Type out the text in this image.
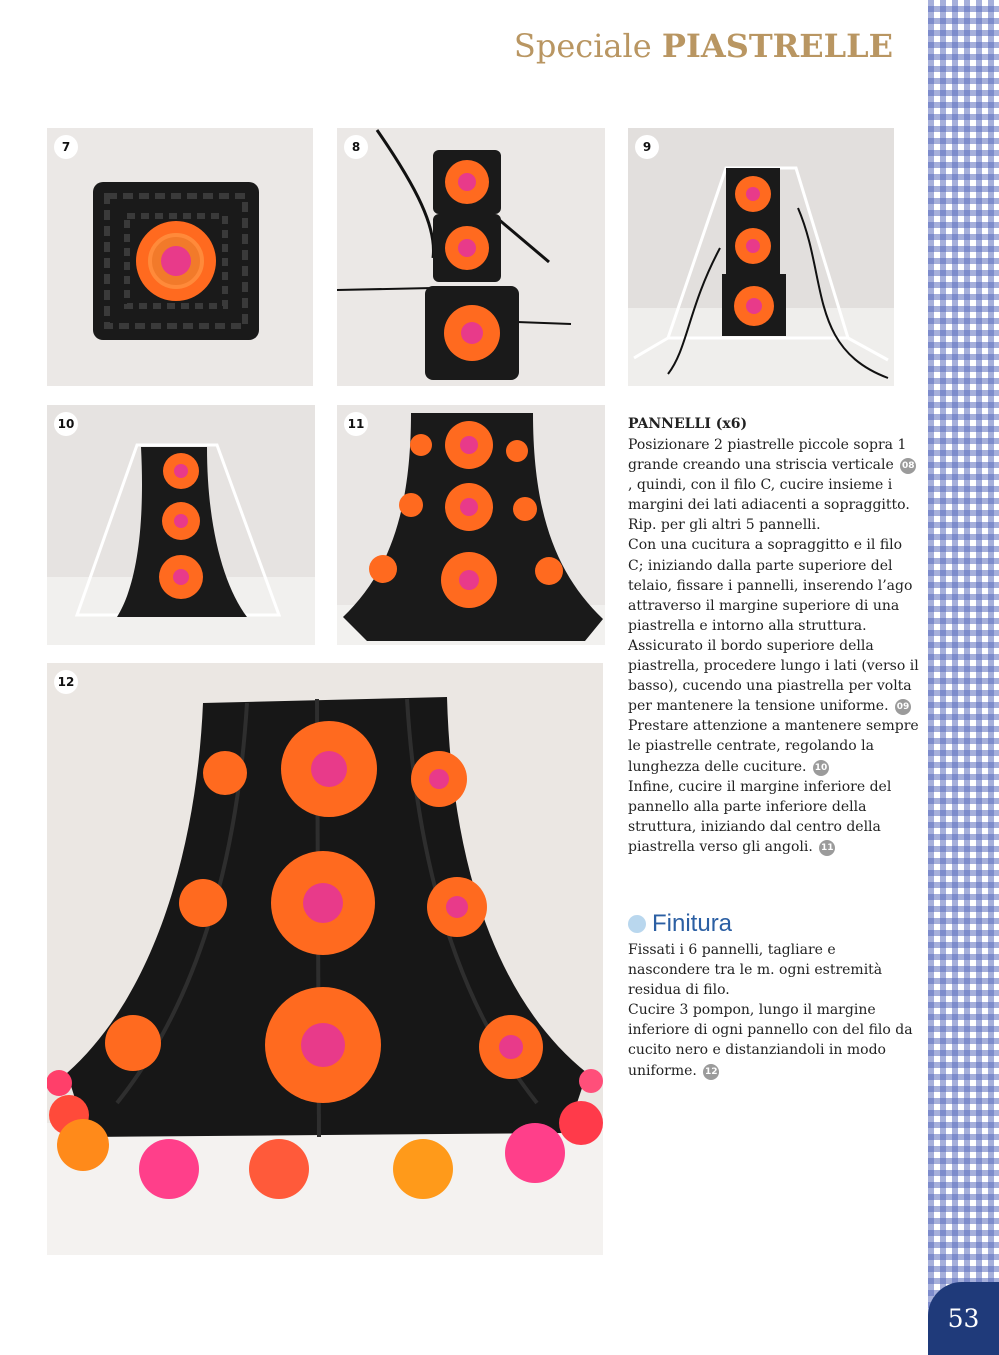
53
Speciale PIASTRELLE
7	8	9
10	11
12
PANNELLI (x6)

Posizionare 2 piastrelle piccole sopra 1 grande creando una striscia verticale 08, quindi, con il filo C, cucire insieme i margini dei lati adiacenti a sopraggitto. Rip. per gli altri 5 pannelli.

Con una cucitura a sopraggitto e il filo C; iniziando dalla parte superiore del telaio, fissare i pannelli, inserendo l’ago attraverso il margine superiore di una piastrella e intorno alla struttura. Assicurato il bordo superiore della piastrella, procedere lungo i lati (verso il basso), cucendo una piastrella per volta per mantenere la tensione uniforme. 09

Prestare attenzione a mantenere sempre le piastrelle centrate, regolando la lunghezza delle cuciture. 10

Infine, cucire il margine inferiore del pannello alla parte inferiore della struttura, iniziando dal centro della piastrella verso gli angoli. 11

Finitura

Fissati i 6 pannelli, tagliare e nascondere tra le m. ogni estremità residua di filo.

Cucire 3 pompon, lungo il margine inferiore di ogni pannello con del filo da cucito nero e distanziandoli in modo uniforme. 12
